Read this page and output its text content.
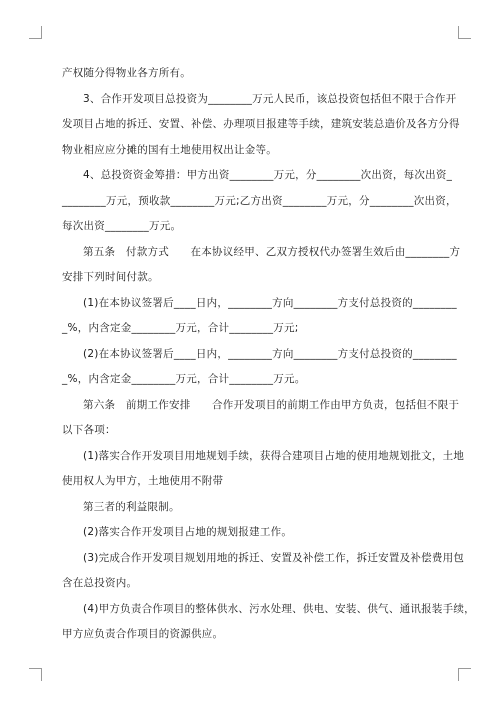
产权随分得物业各方所有。

3、合作开发项目总投资为________万元人民币，该总投资包括但不限于合作开

发项目占地的拆迁、安置、补偿、办理项目报建等手续，建筑安装总造价及各方分得

物业相应应分摊的国有土地使用权出让金等。

4、总投资资金筹措：甲方出资________万元，分________次出资，每次出资_

________万元，预收款________万元;乙方出资________万元，分________次出资，

每次出资________万元。

第五条   付款方式      在本协议经甲、乙双方授权代办签署生效后由________方

安排下列时间付款。

(1)在本协议签署后____日内，________方向________方支付总投资的________

_%，内含定金________万元，合计________万元;

(2)在本协议签署后____日内，________方向________方支付总投资的________

_%，内含定金________万元，合计________万元。

第六条   前期工作安排      合作开发项目的前期工作由甲方负责，包括但不限于

以下各项：

(1)落实合作开发项目用地规划手续，获得合建项目占地的使用地规划批文，土地

使用权人为甲方，土地使用不附带

第三者的利益限制。

(2)落实合作开发项目占地的规划报建工作。

(3)完成合作开发项目规划用地的拆迁、安置及补偿工作，拆迁安置及补偿费用包

含在总投资内。

(4)甲方负责合作项目的整体供水、污水处理、供电、安装、供气、通讯报装手续，

甲方应负责合作项目的资源供应。
